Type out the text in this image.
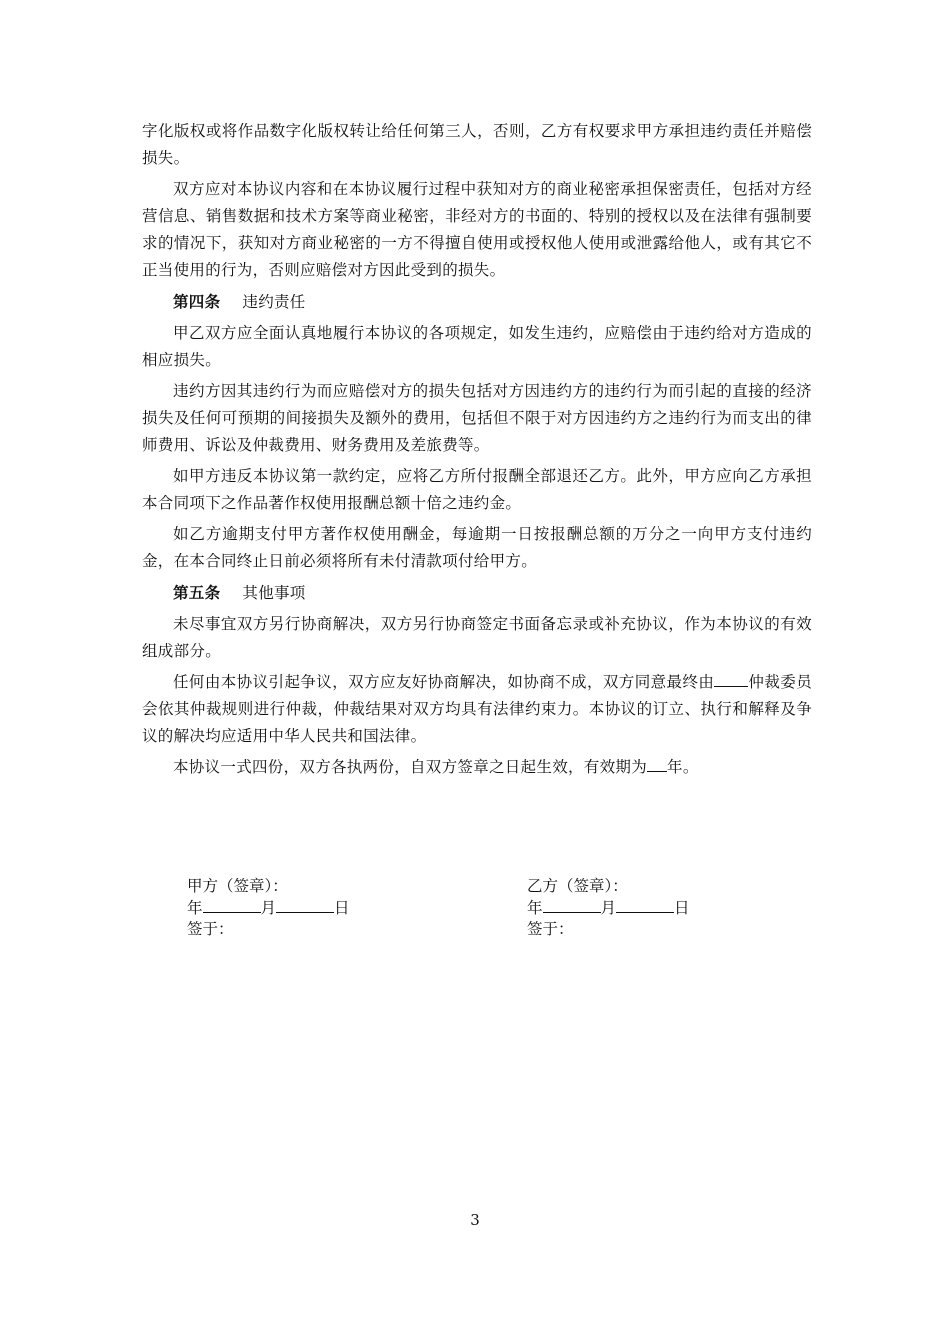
字化版权或将作品数字化版权转让给任何第三人，否则，乙方有权要求甲方承担违约责任并赔偿损失。

双方应对本协议内容和在本协议履行过程中获知对方的商业秘密承担保密责任，包括对方经营信息、销售数据和技术方案等商业秘密，非经对方的书面的、特别的授权以及在法律有强制要求的情况下，获知对方商业秘密的一方不得擅自使用或授权他人使用或泄露给他人，或有其它不正当使用的行为，否则应赔偿对方因此受到的损失。

第四条 违约责任

甲乙双方应全面认真地履行本协议的各项规定，如发生违约，应赔偿由于违约给对方造成的相应损失。

违约方因其违约行为而应赔偿对方的损失包括对方因违约方的违约行为而引起的直接的经济损失及任何可预期的间接损失及额外的费用，包括但不限于对方因违约方之违约行为而支出的律师费用、诉讼及仲裁费用、财务费用及差旅费等。

如甲方违反本协议第一款约定，应将乙方所付报酬全部退还乙方。此外，甲方应向乙方承担本合同项下之作品著作权使用报酬总额十倍之违约金。

如乙方逾期支付甲方著作权使用酬金，每逾期一日按报酬总额的万分之一向甲方支付违约金，在本合同终止日前必须将所有未付清款项付给甲方。

第五条 其他事项

未尽事宜双方另行协商解决，双方另行协商签定书面备忘录或补充协议，作为本协议的有效组成部分。

任何由本协议引起争议，双方应友好协商解决，如协商不成，双方同意最终由 仲裁委员会依其仲裁规则进行仲裁，仲裁结果对双方均具有法律约束力。本协议的订立、执行和解释及争议的解决均应适用中华人民共和国法律。

本协议一式四份，双方各执两份，自双方签章之日起生效，有效期为 年。

甲方（签章）：
年	月	日
签于：
乙方（签章）：
年	月	日
签于：
3
